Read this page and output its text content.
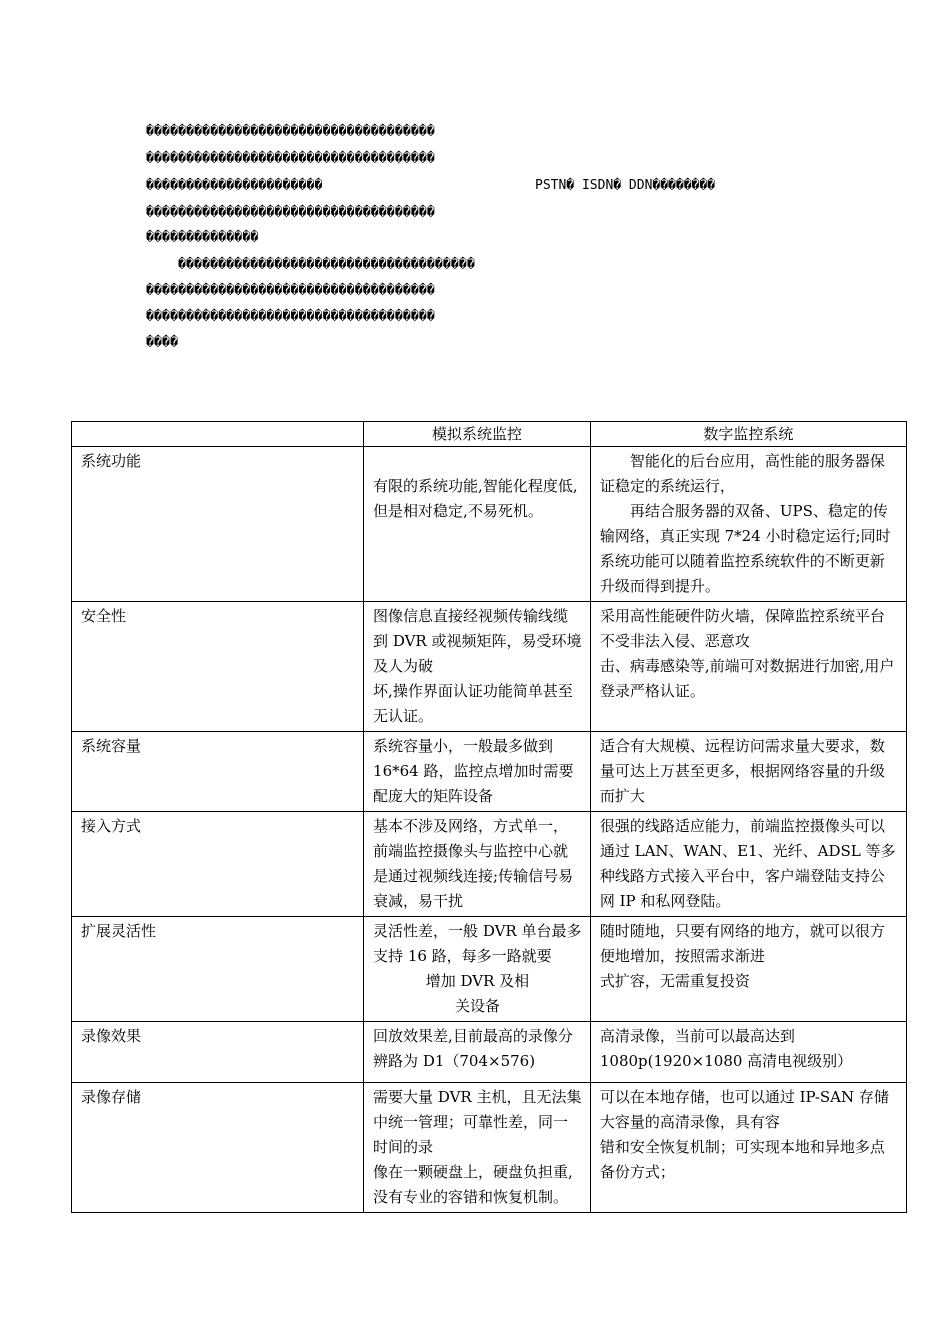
������������������������������������
������������������������������������
����������������������	PSTN� ISDN� DDN��������
������������������������������������
��������������
�������������������������������������
������������������������������������
������������������������������������
����
	模拟系统监控	数字监控系统
系统功能	有限的系统功能,智能化程度低,但是相对稳定,不易死机。	智能化的后台应用，高性能的服务器保证稳定的系统运行，
再结合服务器的双备、UPS、稳定的传输网络，真正实现 7*24 小时稳定运行;同时系统功能可以随着监控系统软件的不断更新升级而得到提升。

安全性	图像信息直接经视频传输线缆到 DVR 或视频矩阵，易受环境及人为破
坏,操作界面认证功能简单甚至无认证。	采用高性能硬件防火墙，保障监控系统平台不受非法入侵、恶意攻
击、病毒感染等,前端可对数据进行加密,用户登录严格认证。

系统容量	系统容量小，一般最多做到 16*64 路，监控点增加时需要配庞大的矩阵设备	适合有大规模、远程访问需求量大要求，数量可达上万甚至更多，根据网络容量的升级而扩大

接入方式	基本不涉及网络，方式单一，前端监控摄像头与监控中心就是通过视频线连接;传输信号易衰减，易干扰	很强的线路适应能力，前端监控摄像头可以通过 LAN、WAN、E1、光纤、ADSL 等多种线路方式接入平台中，客户端登陆支持公网 IP 和私网登陆。

扩展灵活性	灵活性差，一般 DVR 单台最多支持 16 路，每多一路就要
增加 DVR 及相
关设备	随时随地，只要有网络的地方，就可以很方便地增加，按照需求渐进
式扩容，无需重复投资

录像效果	回放效果差,目前最高的录像分辨路为 D1（704×576)	高清录像，当前可以最高达到 1080p(1920×1080 高清电视级别）

录像存储	需要大量 DVR 主机，且无法集中统一管理；可靠性差，同一时间的录
像在一颗硬盘上，硬盘负担重,没有专业的容错和恢复机制。	可以在本地存储，也可以通过 IP-SAN 存储大容量的高清录像，具有容
错和安全恢复机制；可实现本地和异地多点备份方式；
